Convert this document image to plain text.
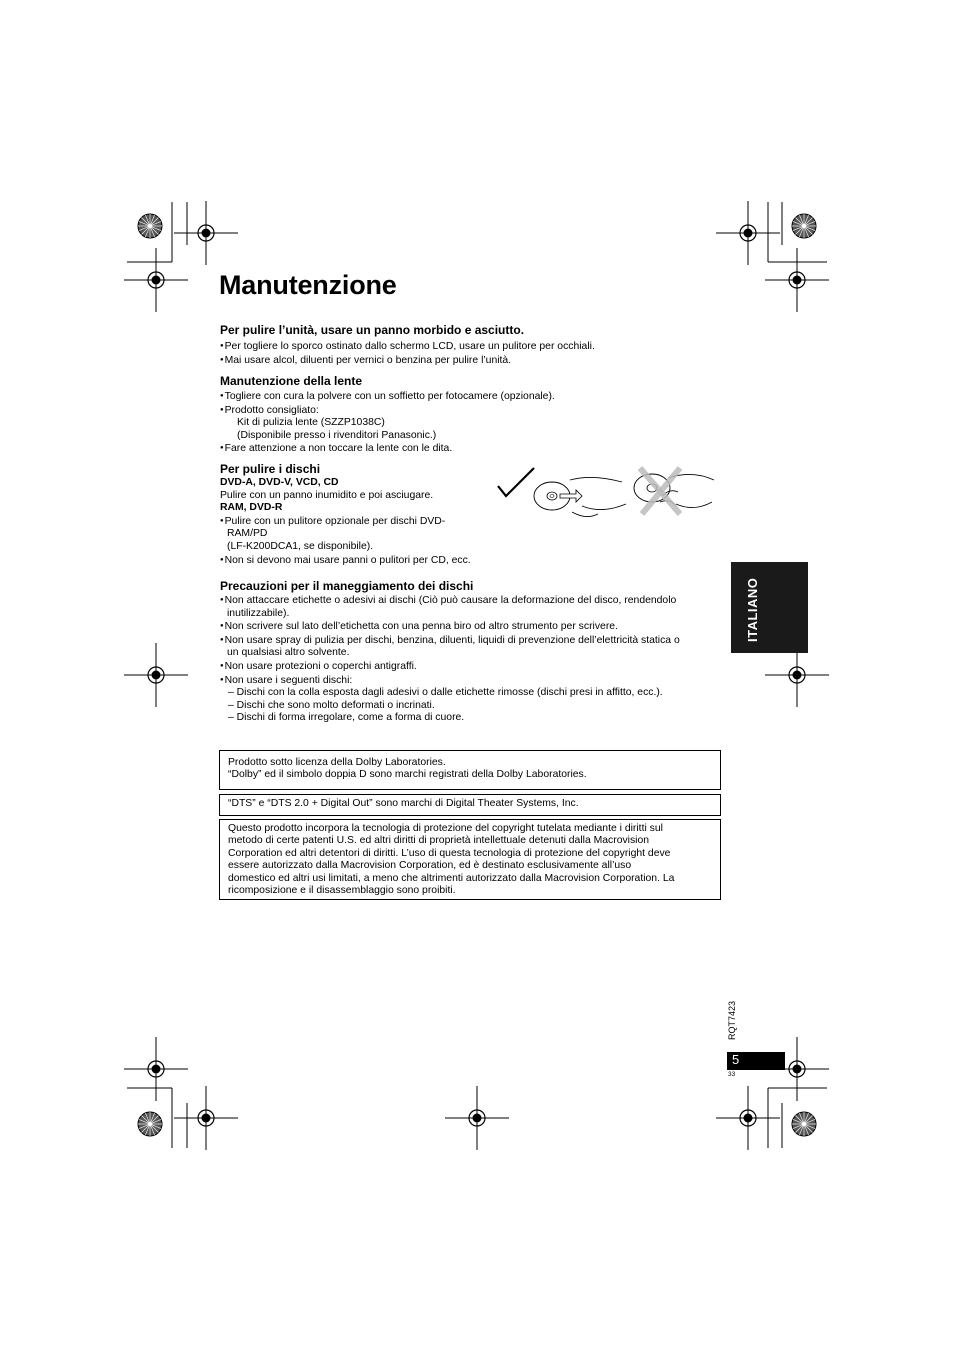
Manutenzione
Per pulire l’unità, usare un panno morbido e asciutto.
● Per togliere lo sporco ostinato dallo schermo LCD, usare un pulitore per occhiali.
● Mai usare alcol, diluenti per vernici o benzina per pulire l’unità.
Manutenzione della lente
● Togliere con cura la polvere con un soffietto per fotocamere (opzionale).
● Prodotto consigliato:
Kit di pulizia lente (SZZP1038C)
(Disponibile presso i rivenditori Panasonic.)
● Fare attenzione a non toccare la lente con le dita.
Per pulire i dischi
DVD-A, DVD-V, VCD, CD
Pulire con un panno inumidito e poi asciugare.
RAM, DVD-R
● Pulire con un pulitore opzionale per dischi DVD-
RAM/PD
(LF-K200DCA1, se disponibile).
● Non si devono mai usare panni o pulitori per CD, ecc.
Precauzioni per il maneggiamento dei dischi
● Non attaccare etichette o adesivi ai dischi (Ciò può causare la deformazione del disco, rendendolo
inutilizzabile).
● Non scrivere sul lato dell’etichetta con una penna biro od altro strumento per scrivere.
● Non usare spray di pulizia per dischi, benzina, diluenti, liquidi di prevenzione dell’elettricità statica o
un qualsiasi altro solvente.
● Non usare protezioni o coperchi antigraffi.
● Non usare i seguenti dischi:
– Dischi con la colla esposta dagli adesivi o dalle etichette rimosse (dischi presi in affitto, ecc.).
– Dischi che sono molto deformati o incrinati.
– Dischi di forma irregolare, come a forma di cuore.
Prodotto sotto licenza della Dolby Laboratories.
“Dolby” ed il simbolo doppia D sono marchi registrati della Dolby Laboratories.
“DTS” e “DTS 2.0 + Digital Out” sono marchi di Digital Theater Systems, Inc.
Questo prodotto incorpora la tecnologia di protezione del copyright tutelata mediante i diritti sul
metodo di certe patenti U.S. ed altri diritti di proprietà intellettuale detenuti dalla Macrovision
Corporation ed altri detentori di diritti. L’uso di questa tecnologia di protezione del copyright deve
essere autorizzato dalla Macrovision Corporation, ed è destinato esclusivamente all’uso
domestico ed altri usi limitati, a meno che altrimenti autorizzato dalla Macrovision Corporation. La
ricomposizione e il disassemblaggio sono proibiti.
ITALIANO
RQT7423
5
33
